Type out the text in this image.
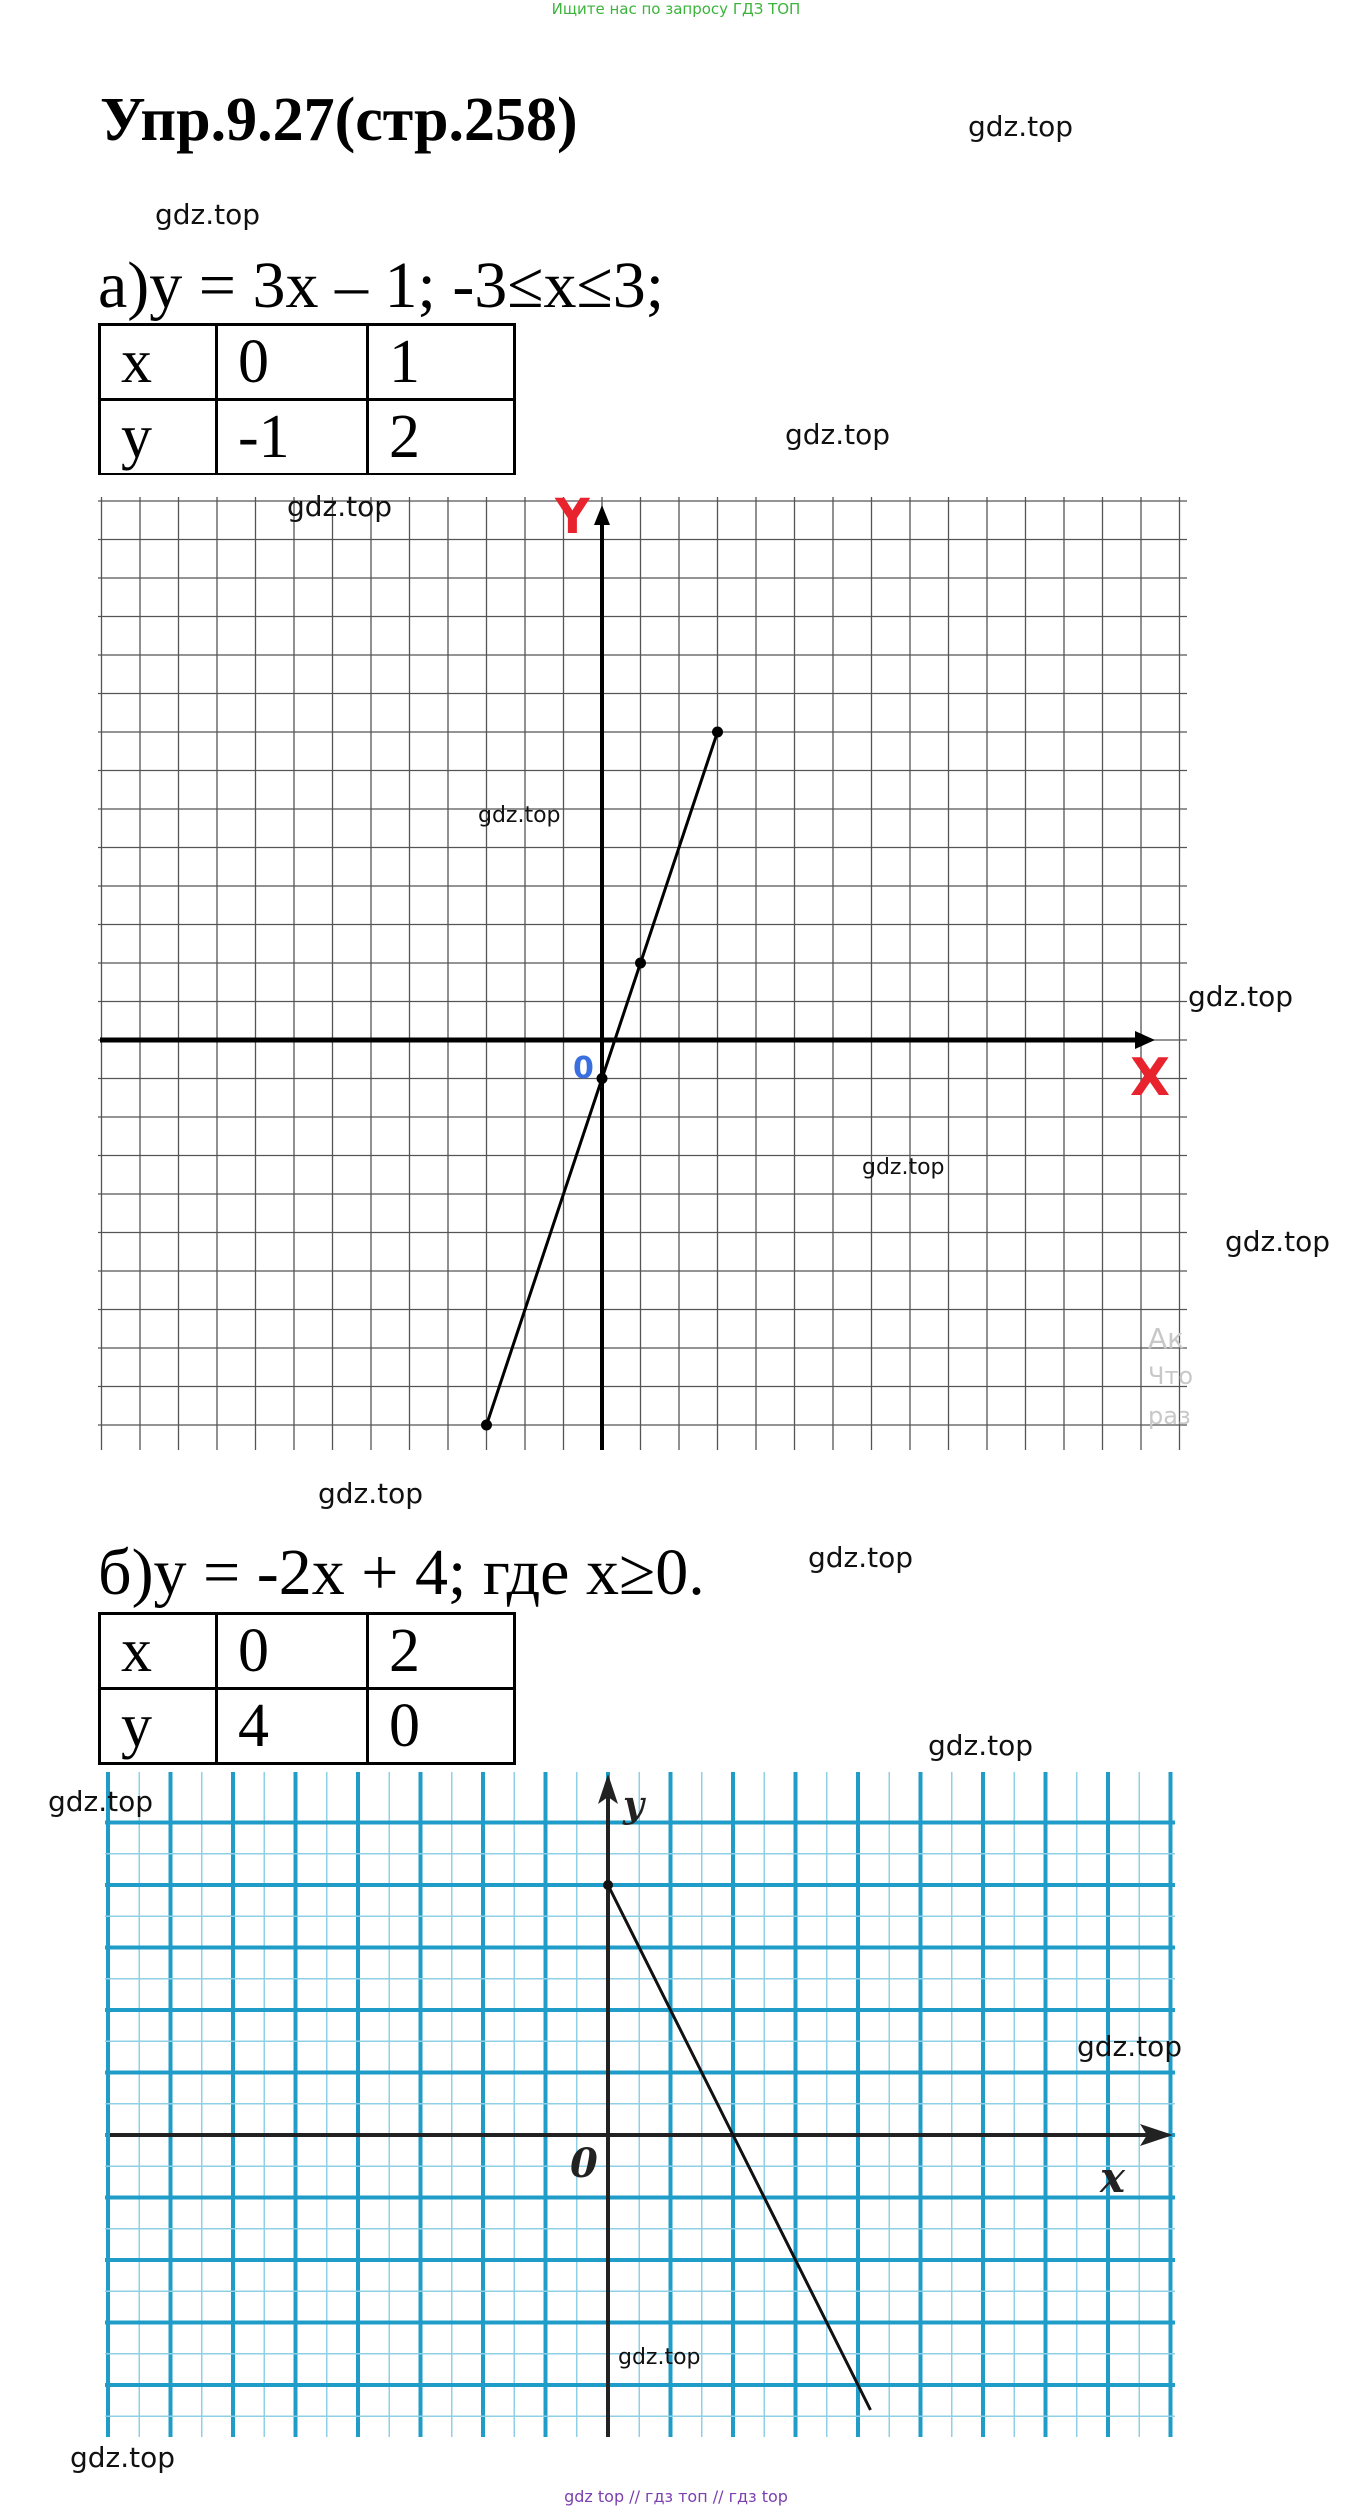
Ищите нас по запросу ГДЗ ТОП
Упр.9.27(стр.258)
а)y = 3x – 1; -3≤x≤3;
x	0	1
y	-1	2
Y
X
0
б)y = -2x + 4; где x≥0.
x	0	2
y	4	0
y
x
0
gdz.top
gdz.top
gdz.top
gdz.top
gdz.top
gdz.top
gdz.top
gdz.top
gdz.top
gdz.top
gdz.top
gdz.top
gdz.top
gdz.top
gdz.top
Ак
Что
раз
gdz top // гдз топ // гдз top
